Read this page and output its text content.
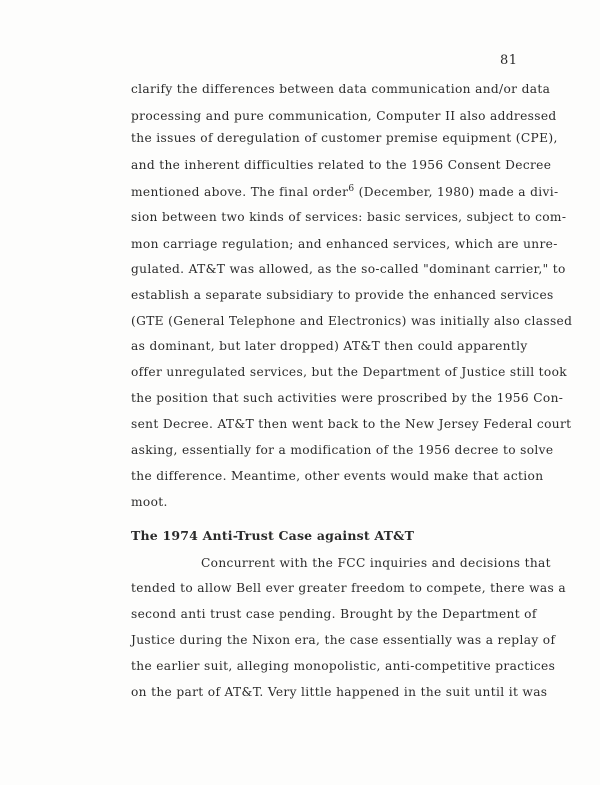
81
clarify the differences between data communication and/or data
processing and pure communication, Computer II also addressed
the issues of deregulation of customer premise equipment (CPE),
and the inherent difficulties related to the 1956 Consent Decree
mentioned above. The final order$^6$ (December, 1980) made a divi-
sion between two kinds of services: basic services, subject to com-
mon carriage regulation; and enhanced services, which are unre-
gulated. AT&T was allowed, as the so-called "dominant carrier," to
establish a separate subsidiary to provide the enhanced services
(GTE (General Telephone and Electronics) was initially also classed
as dominant, but later dropped) AT&T then could apparently
offer unregulated services, but the Department of Justice still took
the position that such activities were proscribed by the 1956 Con-
sent Decree. AT&T then went back to the New Jersey Federal court
asking, essentially for a modification of the 1956 decree to solve
the difference. Meantime, other events would make that action
moot.
The 1974 Anti-Trust Case against AT&T
Concurrent with the FCC inquiries and decisions that
tended to allow Bell ever greater freedom to compete, there was a
second anti trust case pending. Brought by the Department of
Justice during the Nixon era, the case essentially was a replay of
the earlier suit, alleging monopolistic, anti-competitive practices
on the part of AT&T. Very little happened in the suit until it was
